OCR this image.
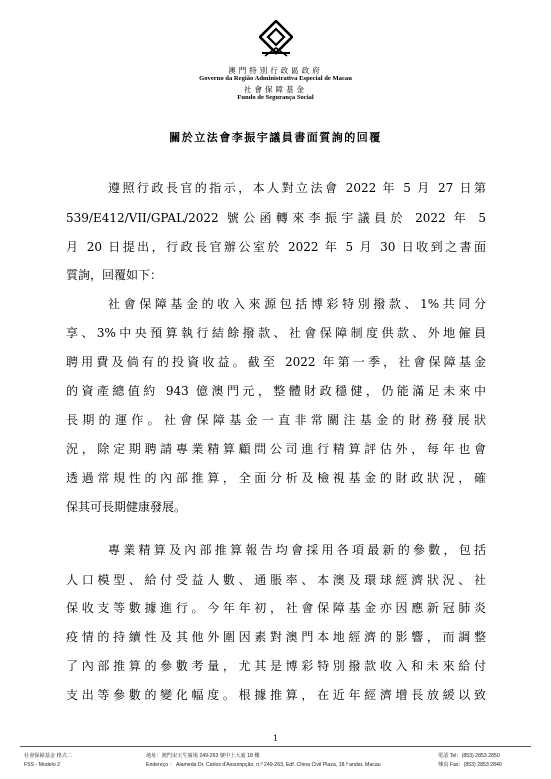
澳門特別行政區政府
Governo da Região Administrativa Especial de Macau
社會保障基金
Fundo de Segurança Social
關於立法會李振宇議員書面質詢的回覆
遵照行政長官的指示，本人對立法會 2022 年 5 月 27 日第
539/E412/VII/GPAL/2022 號公函轉來李振宇議員於 2022 年 5
月 20 日提出，行政長官辦公室於 2022 年 5 月 30 日收到之書面
質詢，回覆如下：
社會保障基金的收入來源包括博彩特別撥款、1%共同分
享、3%中央預算執行結餘撥款、社會保障制度供款、外地僱員
聘用費及倘有的投資收益。截至 2022 年第一季，社會保障基金
的資產總值約 943 億澳門元，整體財政穩健，仍能滿足未來中
長期的運作。社會保障基金一直非常關注基金的財務發展狀
況，除定期聘請專業精算顧問公司進行精算評估外，每年也會
透過常規性的內部推算，全面分析及檢視基金的財政狀況，確
保其可長期健康發展。
專業精算及內部推算報告均會採用各項最新的參數，包括
人口模型、給付受益人數、通脹率、本澳及環球經濟狀況、社
保收支等數據進行。今年年初，社會保障基金亦因應新冠肺炎
疫情的持續性及其他外圍因素對澳門本地經濟的影響，而調整
了內部推算的參數考量，尤其是博彩特別撥款收入和未來給付
支出等參數的變化幅度。根據推算，在近年經濟增長放緩以致
1
社會保障基金 格式二
FSS - Modelo 2
地址：澳門宋玉生廣場 249-263 號中土大廈 18 樓
Endereço ： Alameda Dr. Carlos d'Assumpção, n.º 249-263, Edf. China Civil Plaza, 18.º andar, Macau
電話 Tel：(853) 2853 2850
傳真 Fax：(853) 2853 2840
